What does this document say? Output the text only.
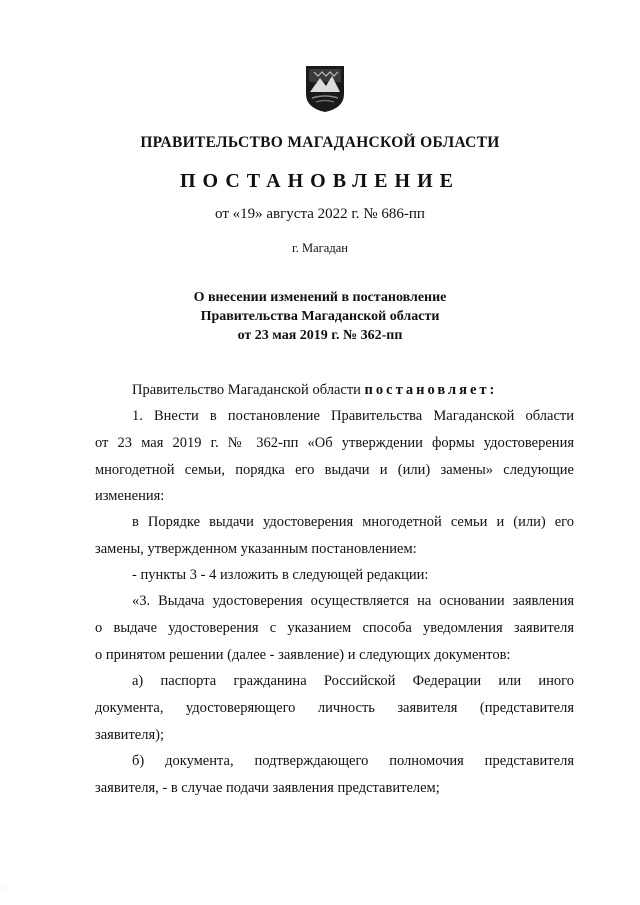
ПРАВИТЕЛЬСТВО МАГАДАНСКОЙ ОБЛАСТИ
ПОСТАНОВЛЕНИЕ
от «19» августа 2022 г. № 686-пп
г. Магадан
О внесении изменений в постановление
Правительства Магаданской области
от 23 мая 2019 г. № 362-пп
Правительство Магаданской области постановляет:
1. Внести в постановление Правительства Магаданской области
от 23 мая 2019 г. № 362-пп «Об утверждении формы удостоверения
многодетной семьи, порядка его выдачи и (или) замены» следующие
изменения:
в Порядке выдачи удостоверения многодетной семьи и (или) его
замены, утвержденном указанным постановлением:
- пункты 3 - 4 изложить в следующей редакции:
«3. Выдача удостоверения осуществляется на основании заявления
о выдаче удостоверения с указанием способа уведомления заявителя
о принятом решении (далее - заявление) и следующих документов:
а) паспорта гражданина Российской Федерации или иного
документа, удостоверяющего личность заявителя (представителя
заявителя);
б) документа, подтверждающего полномочия представителя
заявителя, - в случае подачи заявления представителем;
·
